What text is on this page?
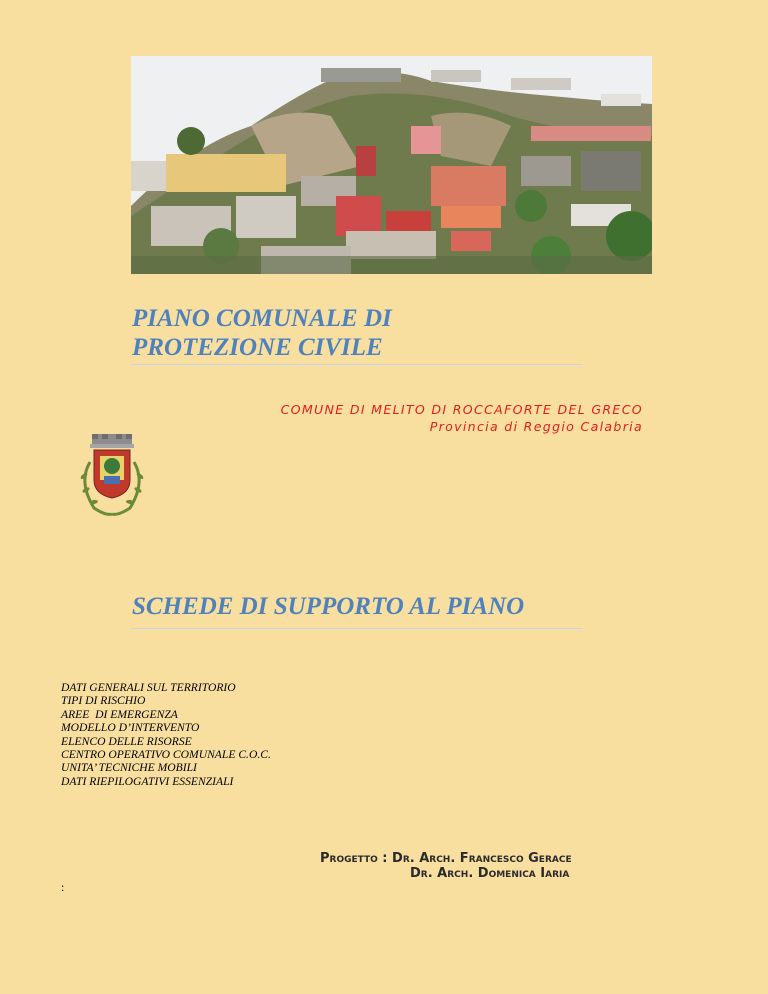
PIANO COMUNALE DI
PROTEZIONE CIVILE
COMUNE DI MELITO DI ROCCAFORTE DEL GRECO
Provincia di Reggio Calabria
SCHEDE DI SUPPORTO AL PIANO
DATI GENERALI SUL TERRITORIO
TIPI DI RISCHIO
AREE  DI EMERGENZA
MODELLO D’INTERVENTO
ELENCO DELLE RISORSE
CENTRO OPERATIVO COMUNALE C.O.C.
UNITA’ TECNICHE MOBILI
DATI RIEPILOGATIVI ESSENZIALI
Progetto : Dr. Arch. Francesco Gerace
Dr. Arch. Domenica Iaria
:
